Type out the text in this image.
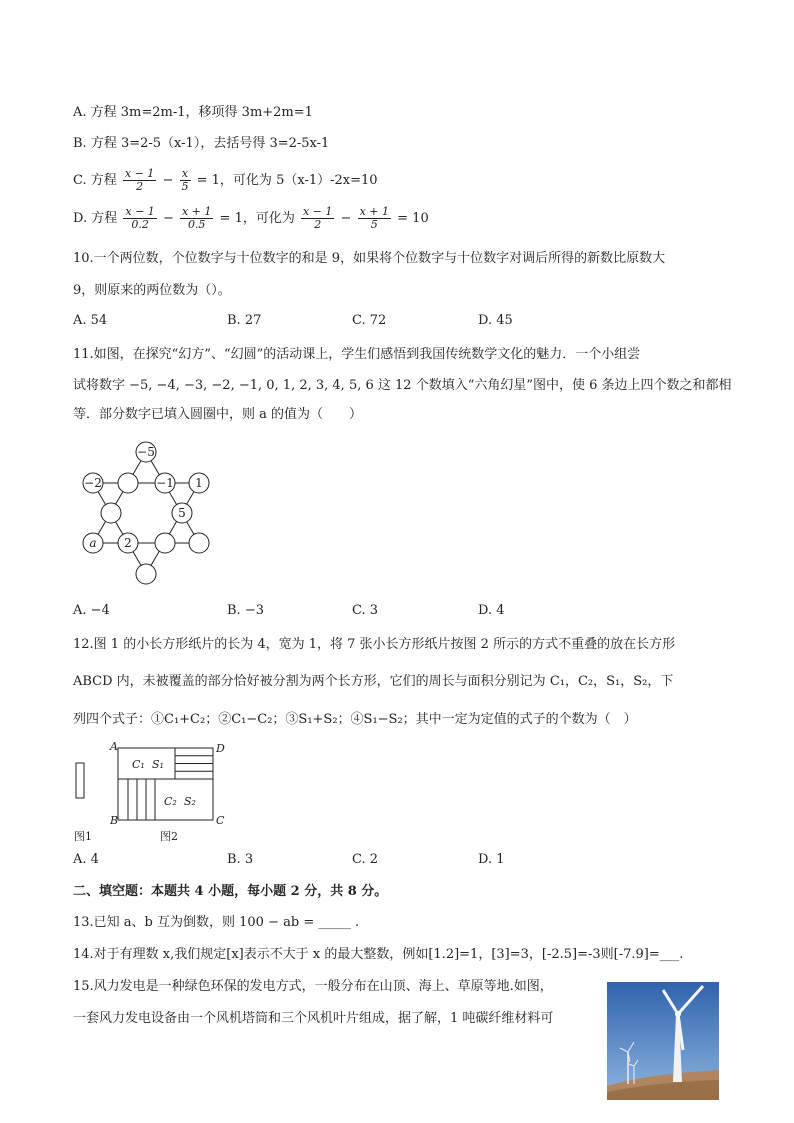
A. 方程 3m=2m-1，移项得 3m+2m=1
B. 方程 3=2-5（x-1），去括号得 3=2-5x-1
C. 方程 $\frac{x - 1}{2} - \frac{x}{5} = 1$，可化为 5（x-1）-2x=10
D. 方程 $\frac{x - 1}{0.2} - \frac{x + 1}{0.5} = 1$，可化为 $\frac{x - 1}{2} - \frac{x + 1}{5} = 10$
10.一个两位数，个位数字与十位数字的和是 9，如果将个位数字与十位数字对调后所得的新数比原数大
9，则原来的两位数为（）。
A. 54	B. 27	C. 72	D. 45
11.如图，在探究“幻方”、“幻圆”的活动课上，学生们感悟到我国传统数学文化的魅力．一个小组尝
试将数字 −5, −4, −3, −2, −1, 0, 1, 2, 3, 4, 5, 6 这 12 个数填入“六角幻星”图中，使 6 条边上四个数之和都相
等．部分数字已填入圆圈中，则 a 的值为（　　）
−5
−2	−1 1
5
a 2
A. −4	B. −3	C. 3	D. 4
12.图 1 的小长方形纸片的长为 4，宽为 1，将 7 张小长方形纸片按图 2 所示的方式不重叠的放在长方形
ABCD 内，未被覆盖的部分恰好被分割为两个长方形，它们的周长与面积分别记为 C₁，C₂，S₁，S₂，下
列四个式子：①C₁+C₂；②C₁−C₂；③S₁+S₂；④S₁−S₂；其中一定为定值的式子的个数为（　）
A	D
B	C
C₁ S₁
C₂ S₂
图1	图2
A. 4	B. 3	C. 2	D. 1
二、填空题：本题共 4 小题，每小题 2 分，共 8 分。
13.已知 a、b 互为倒数，则 100 − ab = _____ .
14.对于有理数 x,我们规定[x]表示不大于 x 的最大整数，例如[1.2]=1，[3]=3，[-2.5]=-3则[-7.9]=___.
15.风力发电是一种绿色环保的发电方式，一般分布在山顶、海上、草原等地.如图，
一套风力发电设备由一个风机塔筒和三个风机叶片组成，据了解，1 吨碳纤维材料可
